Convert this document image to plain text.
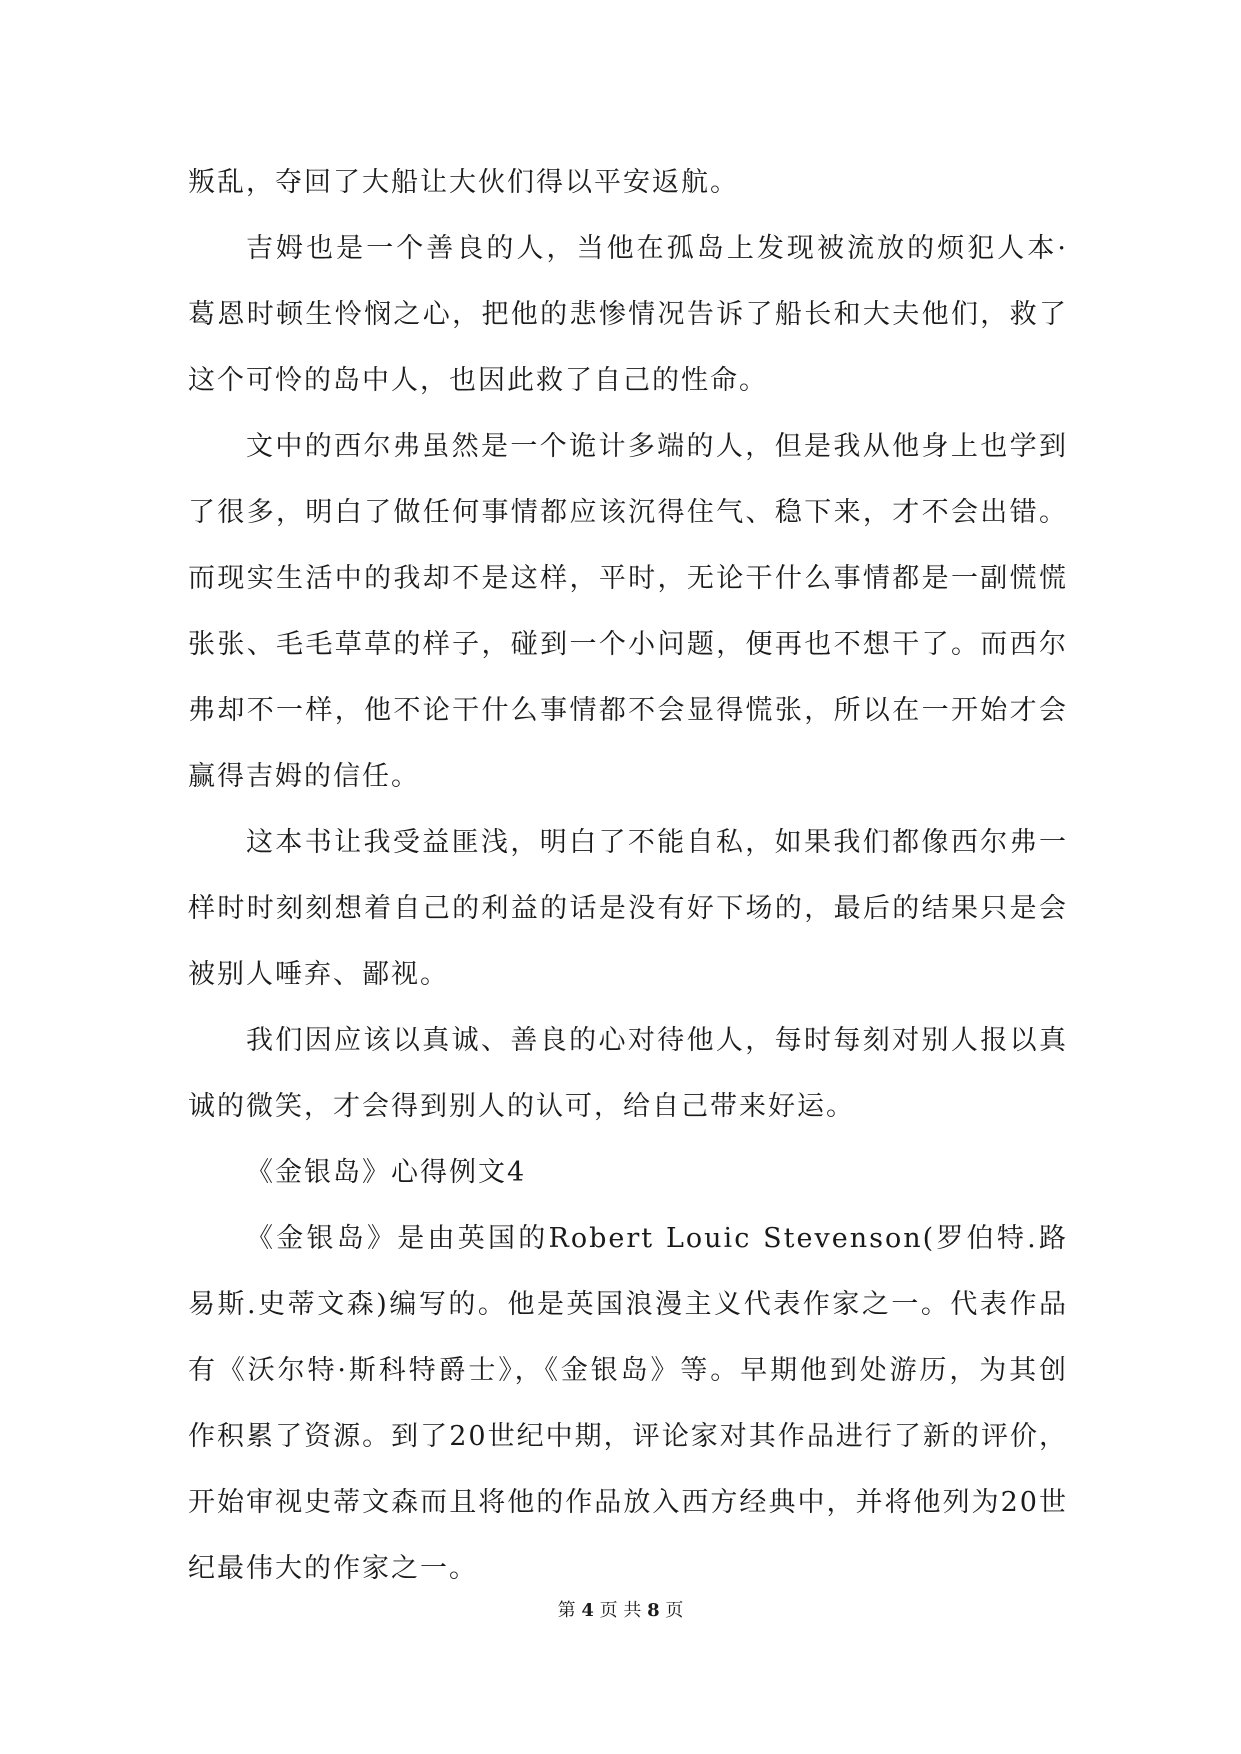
叛乱，夺回了大船让大伙们得以平安返航。

吉姆也是一个善良的人，当他在孤岛上发现被流放的烦犯人本·葛恩时顿生怜悯之心，把他的悲惨情况告诉了船长和大夫他们，救了这个可怜的岛中人，也因此救了自己的性命。

文中的西尔弗虽然是一个诡计多端的人，但是我从他身上也学到了很多，明白了做任何事情都应该沉得住气、稳下来，才不会出错。而现实生活中的我却不是这样，平时，无论干什么事情都是一副慌慌张张、毛毛草草的样子，碰到一个小问题，便再也不想干了。而西尔弗却不一样，他不论干什么事情都不会显得慌张，所以在一开始才会赢得吉姆的信任。

这本书让我受益匪浅，明白了不能自私，如果我们都像西尔弗一样时时刻刻想着自己的利益的话是没有好下场的，最后的结果只是会被别人唾弃、鄙视。

我们因应该以真诚、善良的心对待他人，每时每刻对别人报以真诚的微笑，才会得到别人的认可，给自己带来好运。

《金银岛》心得例文4

《金银岛》是由英国的Robert Louic Stevenson(罗伯特.路易斯.史蒂文森)编写的。他是英国浪漫主义代表作家之一。代表作品有《沃尔特·斯科特爵士》，《金银岛》等。早期他到处游历，为其创作积累了资源。到了20世纪中期，评论家对其作品进行了新的评价，开始审视史蒂文森而且将他的作品放入西方经典中，并将他列为20世纪最伟大的作家之一。

第 4 页 共 8 页
